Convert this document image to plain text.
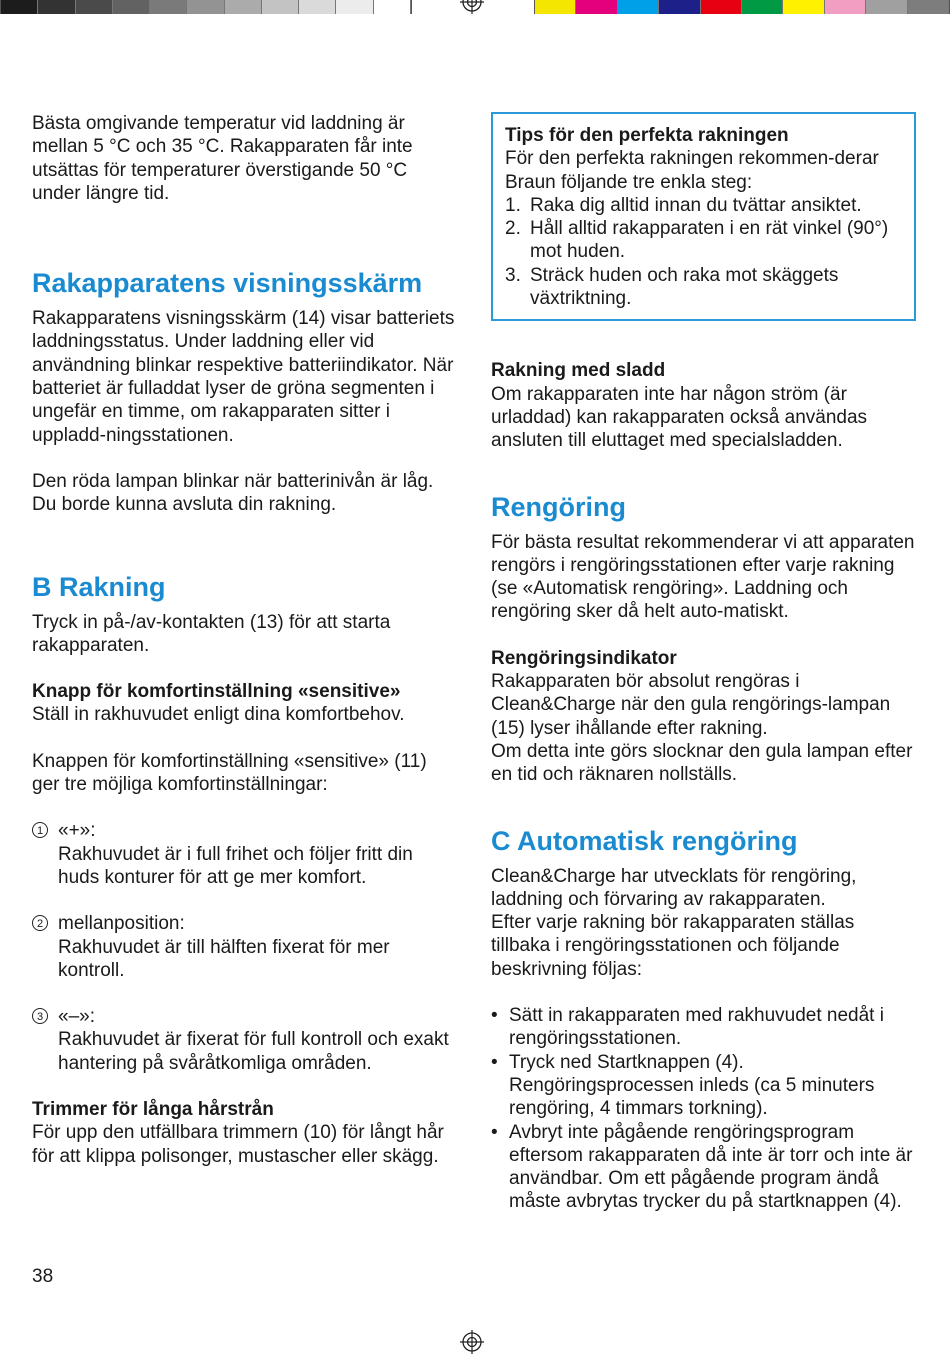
Bästa omgivande temperatur vid laddning är mellan 5 °C och 35 °C. Rakapparaten får inte utsättas för temperaturer överstigande 50 °C under längre tid.

Rakapparatens visningsskärm

Rakapparatens visningsskärm (14) visar batteriets laddningsstatus. Under laddning eller vid användning blinkar respektive batteriindikator. När batteriet är fulladdat lyser de gröna segmenten i ungefär en timme, om rakapparaten sitter i uppladd-ningsstationen.

Den röda lampan blinkar när batterinivån är låg.

Du borde kunna avsluta din rakning.

B Rakning

Tryck in på-/av-kontakten (13) för att starta rakapparaten.

Knapp för komfortinställning «sensitive»

Ställ in rakhuvudet enligt dina komfortbehov.

Knappen för komfortinställning «sensitive» (11) ger tre möjliga komfortinställningar:

1 «+»:

Rakhuvudet är i full frihet och följer fritt din huds konturer för att ge mer komfort.

2 mellanposition:

Rakhuvudet är till hälften fixerat för mer kontroll.

3 «–»:

Rakhuvudet är fixerat för full kontroll och exakt hantering på svåråtkomliga områden.

Trimmer för långa hårstrån

För upp den utfällbara trimmern (10) för långt hår för att klippa polisonger, mustascher eller skägg.

Tips för den perfekta rakningen

För den perfekta rakningen rekommen-derar Braun följande tre enkla steg:

1. Raka dig alltid innan du tvättar ansiktet.
2. Håll alltid rakapparaten i en rät vinkel (90°) mot huden.
3. Sträck huden och raka mot skäggets växtriktning.

Rakning med sladd

Om rakapparaten inte har någon ström (är urladdad) kan rakapparaten också användas ansluten till eluttaget med specialsladden.

Rengöring

För bästa resultat rekommenderar vi att apparaten rengörs i rengöringsstationen efter varje rakning (se «Automatisk rengöring». Laddning och rengöring sker då helt auto-matiskt.

Rengöringsindikator

Rakapparaten bör absolut rengöras i Clean&Charge när den gula rengörings-lampan (15) lyser ihållande efter rakning.

Om detta inte görs slocknar den gula lampan efter en tid och räknaren nollställs.

C Automatisk rengöring

Clean&Charge har utvecklats för rengöring, laddning och förvaring av rakapparaten.

Efter varje rakning bör rakapparaten ställas tillbaka i rengöringsstationen och följande beskrivning följas:

• Sätt in rakapparaten med rakhuvudet nedåt i rengöringsstationen.
• Tryck ned Startknappen (4). Rengöringsprocessen inleds (ca 5 minuters rengöring, 4 timmars torkning).
• Avbryt inte pågående rengöringsprogram eftersom rakapparaten då inte är torr och inte är användbar. Om ett pågående program ändå måste avbrytas trycker du på startknappen (4).
38
